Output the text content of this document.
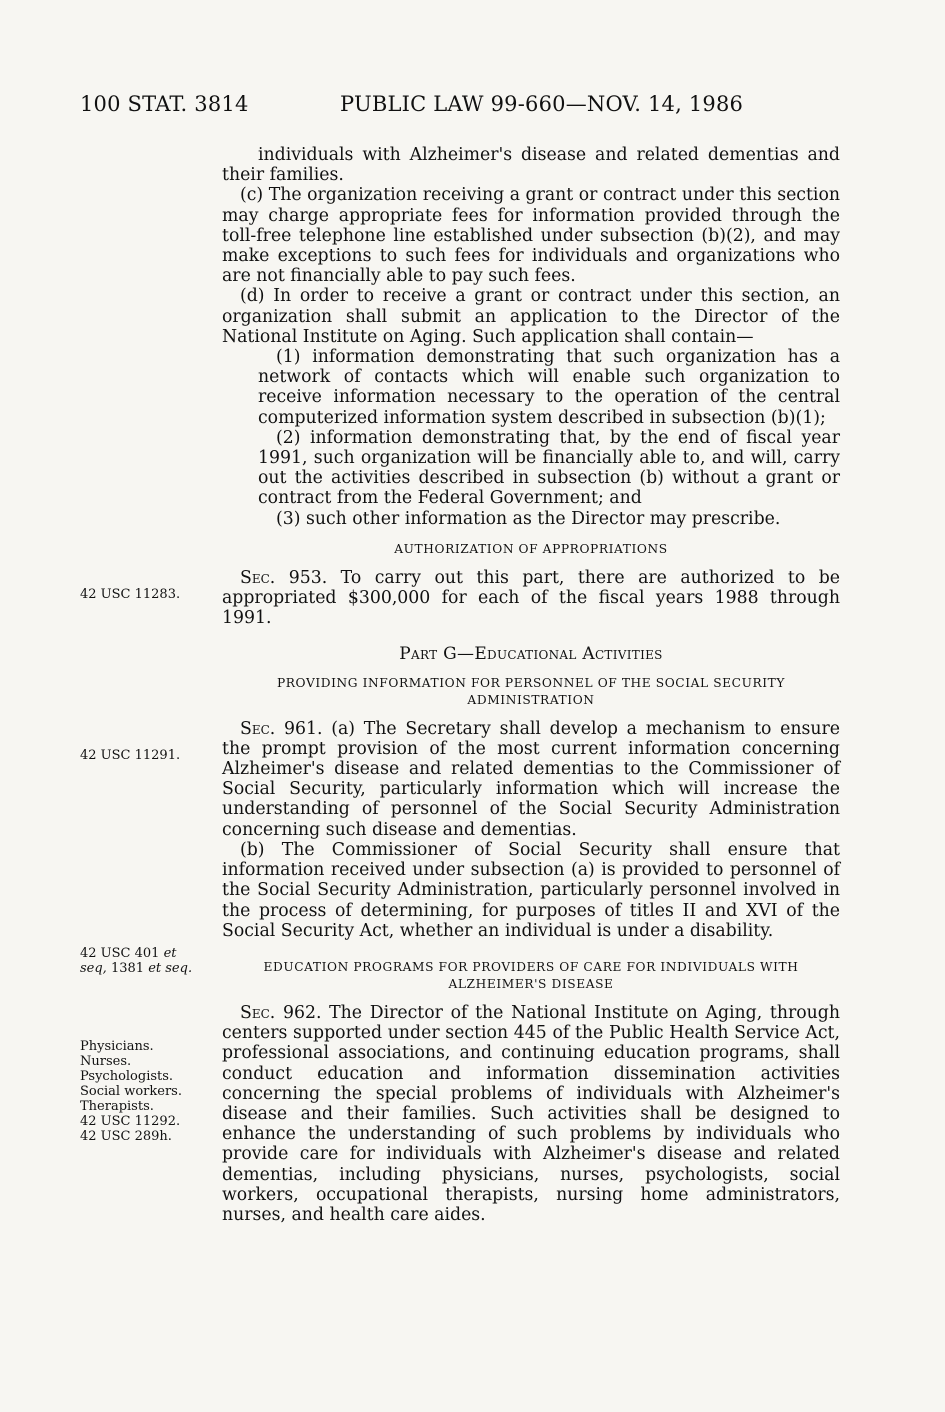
100 STAT. 3814	PUBLIC LAW 99-660—NOV. 14, 1986
42 USC 11283.
42 USC 11291.
42 USC 401 et
seq, 1381 et seq.
Physicians.
Nurses.
Psychologists.
Social workers.
Therapists.
42 USC 11292.
42 USC 289h.

individuals with Alzheimer's disease and related dementias and their families.

(c) The organization receiving a grant or contract under this section may charge appropriate fees for information provided through the toll-free telephone line established under subsection (b)(2), and may make exceptions to such fees for individuals and organizations who are not financially able to pay such fees.

(d) In order to receive a grant or contract under this section, an organization shall submit an application to the Director of the National Institute on Aging. Such application shall contain—

(1) information demonstrating that such organization has a network of contacts which will enable such organization to receive information necessary to the operation of the central computerized information system described in subsection (b)(1);

(2) information demonstrating that, by the end of fiscal year 1991, such organization will be financially able to, and will, carry out the activities described in subsection (b) without a grant or contract from the Federal Government; and

(3) such other information as the Director may prescribe.

AUTHORIZATION OF APPROPRIATIONS

Sec. 953. To carry out this part, there are authorized to be appropriated $300,000 for each of the fiscal years 1988 through 1991.

Part G—Educational Activities
PROVIDING INFORMATION FOR PERSONNEL OF THE SOCIAL SECURITY ADMINISTRATION

Sec. 961. (a) The Secretary shall develop a mechanism to ensure the prompt provision of the most current information concerning Alzheimer's disease and related dementias to the Commissioner of Social Security, particularly information which will increase the understanding of personnel of the Social Security Administration concerning such disease and dementias.

(b) The Commissioner of Social Security shall ensure that information received under subsection (a) is provided to personnel of the Social Security Administration, particularly personnel involved in the process of determining, for purposes of titles II and XVI of the Social Security Act, whether an individual is under a disability.

EDUCATION PROGRAMS FOR PROVIDERS OF CARE FOR INDIVIDUALS WITH ALZHEIMER'S DISEASE

Sec. 962. The Director of the National Institute on Aging, through centers supported under section 445 of the Public Health Service Act, professional associations, and continuing education programs, shall conduct education and information dissemination activities concerning the special problems of individuals with Alzheimer's disease and their families. Such activities shall be designed to enhance the understanding of such problems by individuals who provide care for individuals with Alzheimer's disease and related dementias, including physicians, nurses, psychologists, social workers, occupational therapists, nursing home administrators, nurses, and health care aides.
